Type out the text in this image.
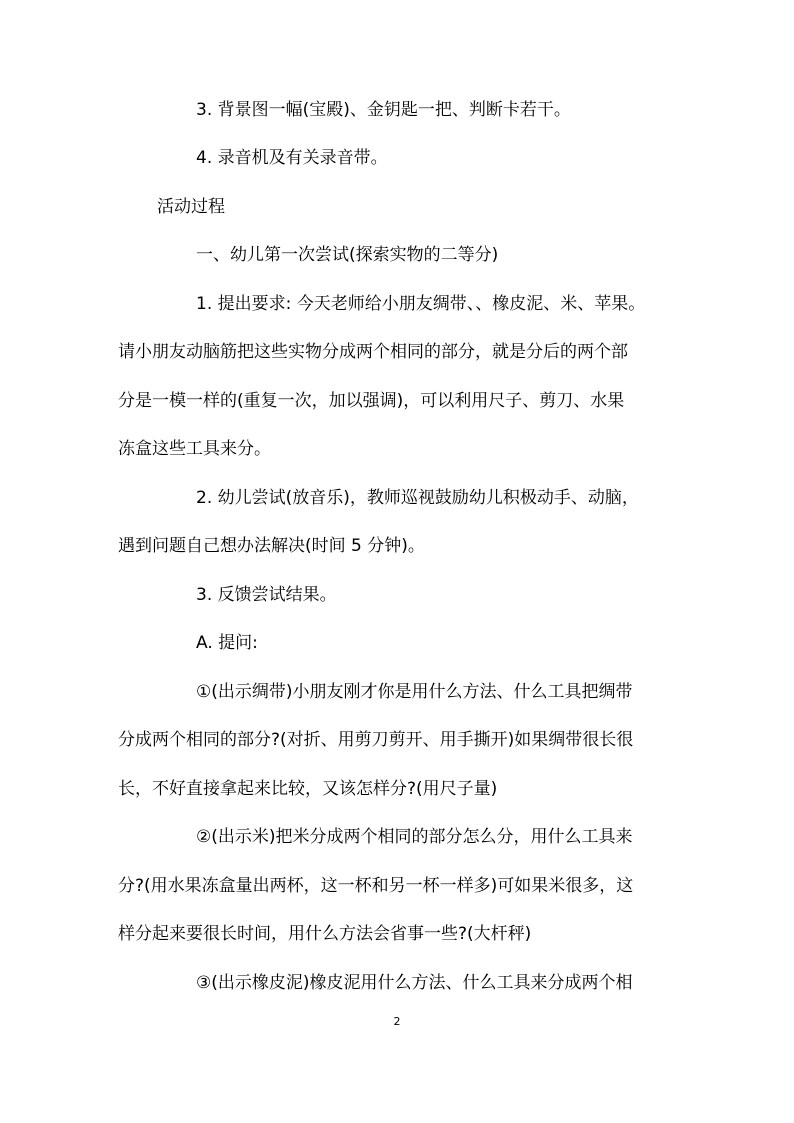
3. 背景图一幅(宝殿)、金钥匙一把、判断卡若干。
4. 录音机及有关录音带。
活动过程
一、幼儿第一次尝试(探索实物的二等分)
1. 提出要求: 今天老师给小朋友绸带、、橡皮泥、米、苹果。
请小朋友动脑筋把这些实物分成两个相同的部分，就是分后的两个部
分是一模一样的(重复一次，加以强调)，可以利用尺子、剪刀、水果
冻盒这些工具来分。
2. 幼儿尝试(放音乐)，教师巡视鼓励幼儿积极动手、动脑，
遇到问题自己想办法解决(时间 5 分钟)。
3. 反馈尝试结果。
A. 提问:
①(出示绸带)小朋友刚才你是用什么方法、什么工具把绸带
分成两个相同的部分?(对折、用剪刀剪开、用手撕开)如果绸带很长很
长，不好直接拿起来比较，又该怎样分?(用尺子量)
②(出示米)把米分成两个相同的部分怎么分，用什么工具来
分?(用水果冻盒量出两杯，这一杯和另一杯一样多)可如果米很多，这
样分起来要很长时间，用什么方法会省事一些?(大杆秤)
③(出示橡皮泥)橡皮泥用什么方法、什么工具来分成两个相
2
